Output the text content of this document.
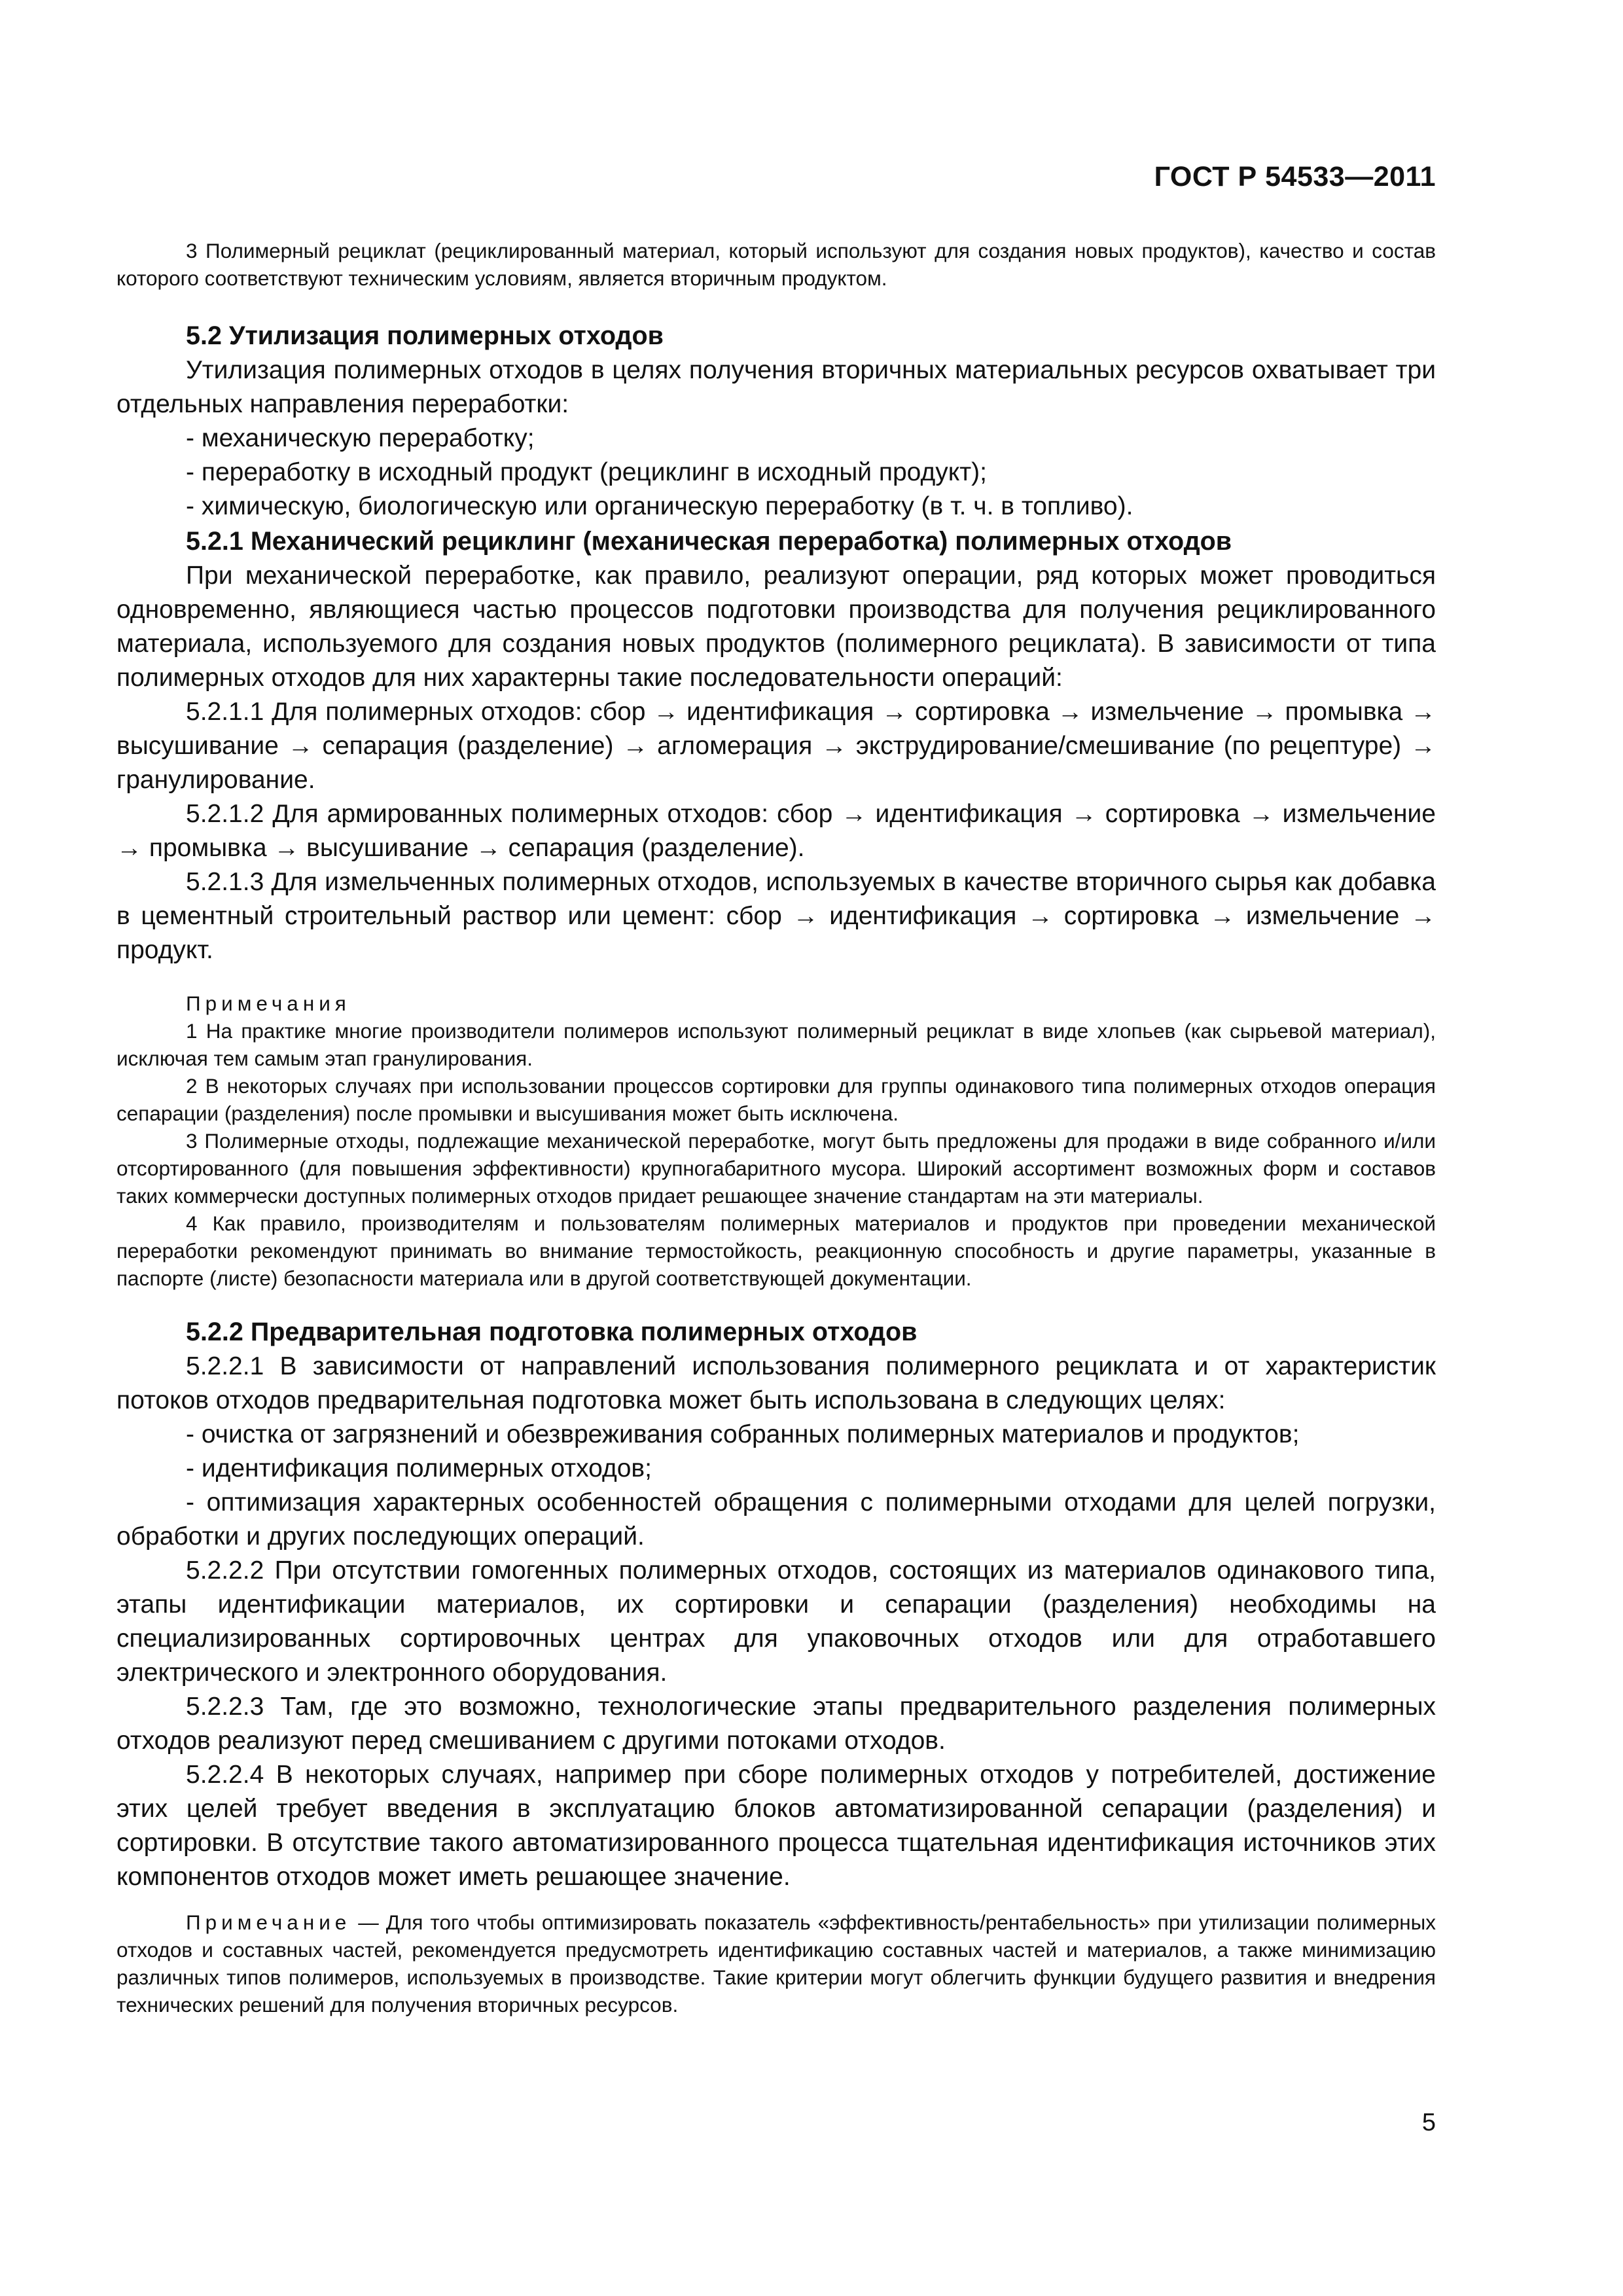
ГОСТ Р 54533—2011

3 Полимерный рециклат (рециклированный материал, который используют для создания новых продуктов), качество и состав которого соответствуют техническим условиям, является вторичным продуктом.

5.2 Утилизация полимерных отходов

Утилизация полимерных отходов в целях получения вторичных материальных ресурсов охватывает три отдельных направления переработки:

- механическую переработку;

- переработку в исходный продукт (рециклинг в исходный продукт);

- химическую, биологическую или органическую переработку (в т. ч. в топливо).

5.2.1 Механический рециклинг (механическая переработка) полимерных отходов

При механической переработке, как правило, реализуют операции, ряд которых может проводиться одновременно, являющиеся частью процессов подготовки производства для получения рециклированного материала, используемого для создания новых продуктов (полимерного рециклата). В зависимости от типа полимерных отходов для них характерны такие последовательности операций:

5.2.1.1 Для полимерных отходов: сбор → идентификация → сортировка → измельчение → промывка → высушивание → сепарация (разделение) → агломерация → экструдирование/смешивание (по рецептуре) → гранулирование.

5.2.1.2 Для армированных полимерных отходов: сбор → идентификация → сортировка → измельчение → промывка → высушивание → сепарация (разделение).

5.2.1.3 Для измельченных полимерных отходов, используемых в качестве вторичного сырья как добавка в цементный строительный раствор или цемент: сбор → идентификация → сортировка → измельчение → продукт.

Примечания

1 На практике многие производители полимеров используют полимерный рециклат в виде хлопьев (как сырьевой материал), исключая тем самым этап гранулирования.

2 В некоторых случаях при использовании процессов сортировки для группы одинакового типа полимерных отходов операция сепарации (разделения) после промывки и высушивания может быть исключена.

3 Полимерные отходы, подлежащие механической переработке, могут быть предложены для продажи в виде собранного и/или отсортированного (для повышения эффективности) крупногабаритного мусора. Широкий ассортимент возможных форм и составов таких коммерчески доступных полимерных отходов придает решающее значение стандартам на эти материалы.

4 Как правило, производителям и пользователям полимерных материалов и продуктов при проведении механической переработки рекомендуют принимать во внимание термостойкость, реакционную способность и другие параметры, указанные в паспорте (листе) безопасности материала или в другой соответствующей документации.

5.2.2 Предварительная подготовка полимерных отходов

5.2.2.1 В зависимости от направлений использования полимерного рециклата и от характеристик потоков отходов предварительная подготовка может быть использована в следующих целях:

- очистка от загрязнений и обезвреживания собранных полимерных материалов и продуктов;

- идентификация полимерных отходов;

- оптимизация характерных особенностей обращения с полимерными отходами для целей погрузки, обработки и других последующих операций.

5.2.2.2 При отсутствии гомогенных полимерных отходов, состоящих из материалов одинакового типа, этапы идентификации материалов, их сортировки и сепарации (разделения) необходимы на специализированных сортировочных центрах для упаковочных отходов или для отработавшего электрического и электронного оборудования.

5.2.2.3 Там, где это возможно, технологические этапы предварительного разделения полимерных отходов реализуют перед смешиванием с другими потоками отходов.

5.2.2.4 В некоторых случаях, например при сборе полимерных отходов у потребителей, достижение этих целей требует введения в эксплуатацию блоков автоматизированной сепарации (разделения) и сортировки. В отсутствие такого автоматизированного процесса тщательная идентификация источников этих компонентов отходов может иметь решающее значение.

Примечание — Для того чтобы оптимизировать показатель «эффективность/рентабельность» при утилизации полимерных отходов и составных частей, рекомендуется предусмотреть идентификацию составных частей и материалов, а также минимизацию различных типов полимеров, используемых в производстве. Такие критерии могут облегчить функции будущего развития и внедрения технических решений для получения вторичных ресурсов.

5
